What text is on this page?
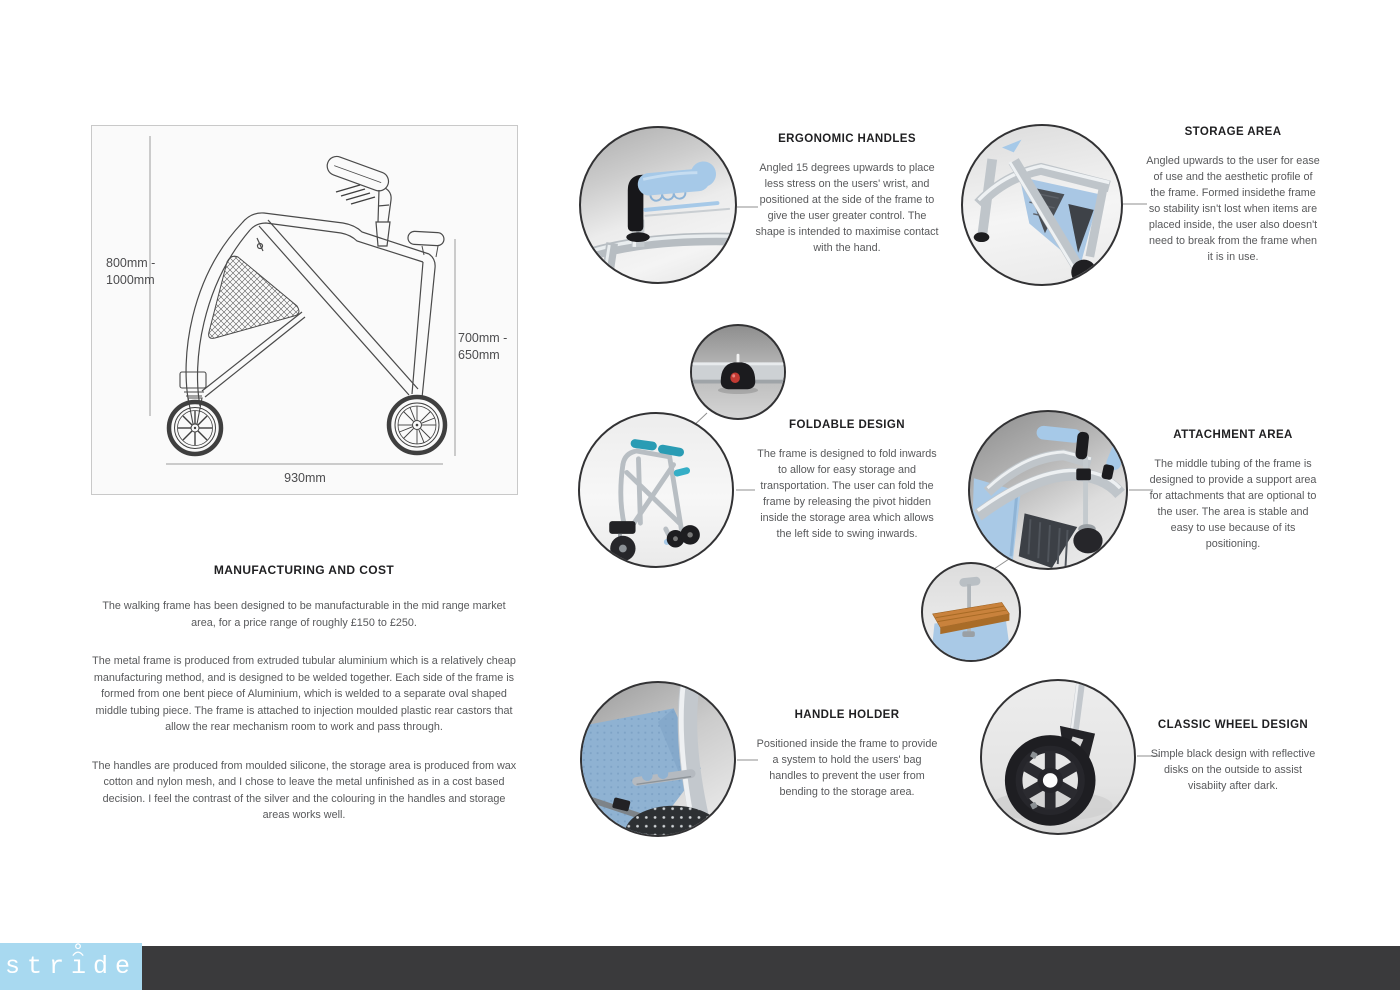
800mm -
1000mm
700mm -
650mm
930mm
MANUFACTURING AND COST

The walking frame has been designed to be manufacturable in the mid range market area, for a price range of roughly £150 to £250.

The metal frame is produced from extruded tubular aluminium which is a relatively cheap manufacturing method, and is designed to be welded together. Each side of the frame is formed from one bent piece of Aluminium, which is welded to a separate oval shaped middle tubing piece. The frame is attached to injection moulded plastic rear castors that allow the rear mechanism room to work and pass through.

The handles are produced from moulded silicone, the storage area is produced from wax cotton and nylon mesh, and I chose to leave the metal unfinished as in a cost based decision. I feel the contrast of the silver and the colouring in the handles and storage areas works well.

ERGONOMIC HANDLES

Angled 15 degrees upwards to place less stress on the users' wrist, and positioned at the side of the frame to give the user greater control. The shape is intended to maximise contact with the hand.

STORAGE AREA

Angled upwards to the user for ease of use and the aesthetic profile of the frame. Formed insidethe frame so stability isn't lost when items are placed inside, the user also doesn't need to break from the frame when it is in use.

FOLDABLE DESIGN

The frame is designed to fold inwards to allow for easy storage and transportation. The user can fold the frame by releasing the pivot hidden inside the storage area which allows the left side to swing inwards.

ATTACHMENT AREA

The middle tubing of the frame is designed to provide a support area for attachments that are optional to the user. The area is stable and easy to use because of its positioning.

HANDLE HOLDER

Positioned inside the frame to provide a system to hold the users' bag handles to prevent the user from bending to the storage area.

CLASSIC WHEEL DESIGN

Simple black design with reflective disks on the outside to assist visabiity after dark.

str
ıde
